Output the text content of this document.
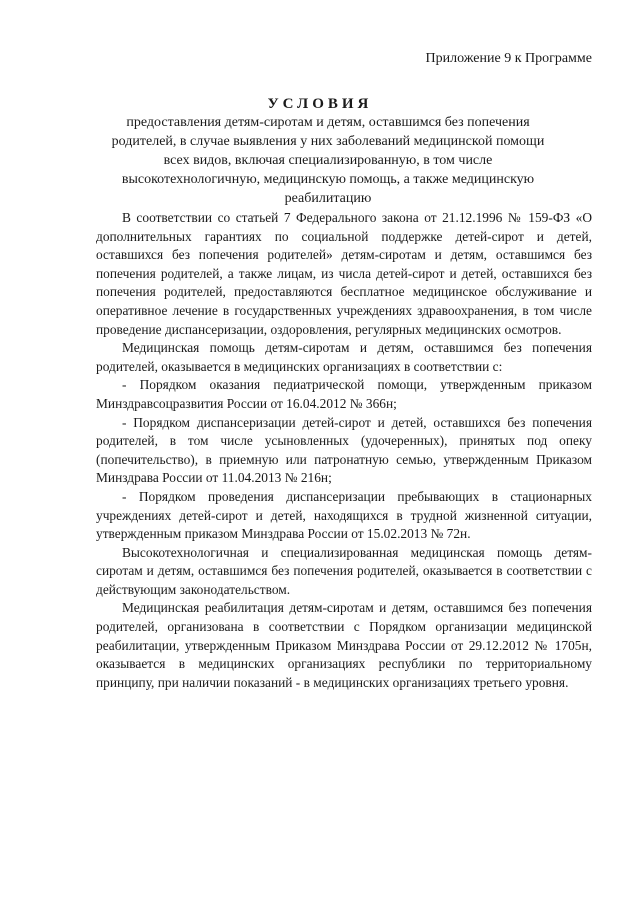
Приложение 9 к Программе
УСЛОВИЯ
предоставления детям-сиротам и детям, оставшимся без попечения родителей, в случае выявления у них заболеваний медицинской помощи всех видов, включая специализированную, в том числе высокотехнологичную, медицинскую помощь, а также медицинскую реабилитацию

В соответствии со статьей 7 Федерального закона от 21.12.1996 № 159-ФЗ «О дополнительных гарантиях по социальной поддержке детей-сирот и детей, оставшихся без попечения родителей» детям-сиротам и детям, оставшимся без попечения родителей, а также лицам, из числа детей-сирот и детей, оставшихся без попечения родителей, предоставляются бесплатное медицинское обслуживание и оперативное лечение в государственных учреждениях здравоохранения, в том числе проведение диспансеризации, оздоровления, регулярных медицинских осмотров.

Медицинская помощь детям-сиротам и детям, оставшимся без попечения родителей, оказывается в медицинских организациях в соответствии с:

- Порядком оказания педиатрической помощи, утвержденным приказом Минздравсоцразвития России от 16.04.2012 № 366н;

- Порядком диспансеризации детей-сирот и детей, оставшихся без попечения родителей, в том числе усыновленных (удочеренных), принятых под опеку (попечительство), в приемную или патронатную семью, утвержденным Приказом Минздрава России от 11.04.2013 № 216н;

- Порядком проведения диспансеризации пребывающих в стационарных учреждениях детей-сирот и детей, находящихся в трудной жизненной ситуации, утвержденным приказом Минздрава России от 15.02.2013 № 72н.

Высокотехнологичная и специализированная медицинская помощь детям-сиротам и детям, оставшимся без попечения родителей, оказывается в соответствии с действующим законодательством.

Медицинская реабилитация детям-сиротам и детям, оставшимся без попечения родителей, организована в соответствии с Порядком организации медицинской реабилитации, утвержденным Приказом Минздрава России от 29.12.2012 № 1705н, оказывается в медицинских организациях республики по территориальному принципу, при наличии показаний - в медицинских организациях третьего уровня.
